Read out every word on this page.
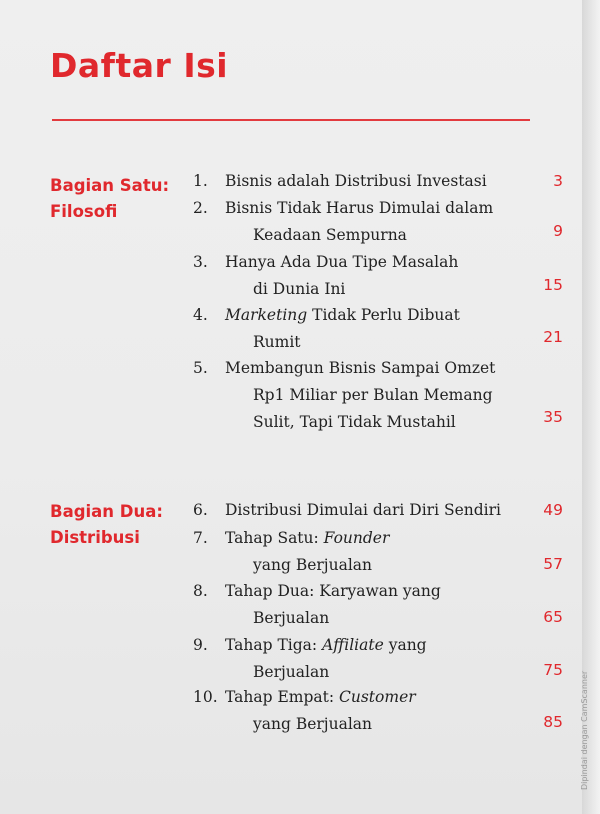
Daftar Isi
Bagian Satu:
Filosofi
1. Bisnis adalah Distribusi Investasi	3
2. Bisnis Tidak Harus Dimulai dalam
Keadaan Sempurna	9
3. Hanya Ada Dua Tipe Masalah
di Dunia Ini	15
4. Marketing Tidak Perlu Dibuat
Rumit	21
5. Membangun Bisnis Sampai Omzet
Rp1 Miliar per Bulan Memang
Sulit, Tapi Tidak Mustahil	35
Bagian Dua:
Distribusi
6. Distribusi Dimulai dari Diri Sendiri	49
7. Tahap Satu: Founder
yang Berjualan	57
8. Tahap Dua: Karyawan yang
Berjualan	65
9. Tahap Tiga: Affiliate yang
Berjualan	75
10. Tahap Empat: Customer
yang Berjualan	85 Dipindai dengan CamScanner
